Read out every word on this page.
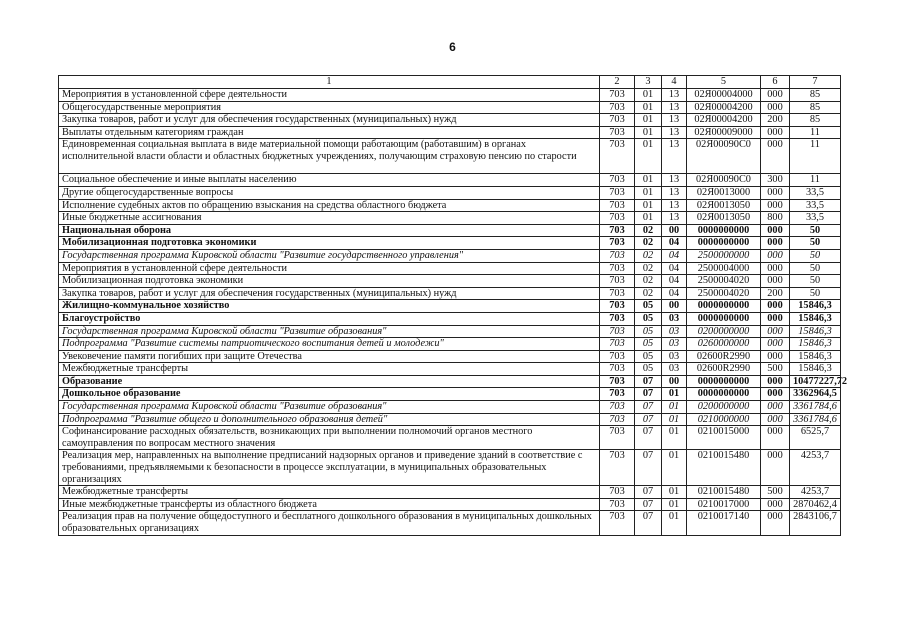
6
1	2	3	4	5	6	7
Мероприятия в установленной сфере деятельности	703	01	13	02Я00004000	000	85
Общегосударственные мероприятия	703	01	13	02Я00004200	000	85
Закупка товаров, работ и услуг для обеспечения государственных (муниципальных) нужд	703	01	13	02Я00004200	200	85
Выплаты отдельным категориям граждан	703	01	13	02Я00009000	000	11
Единовременная социальная выплата в виде материальной помощи работающим (работавшим) в органах исполнительной власти области и областных бюджетных учреждениях, получающим страховую пенсию по старости	703	01	13	02Я00090С0	000	11
Социальное обеспечение и иные выплаты населению	703	01	13	02Я00090С0	300	11
Другие общегосударственные вопросы	703	01	13	02Я0013000	000	33,5
Исполнение судебных актов по обращению взыскания на средства областного бюджета	703	01	13	02Я0013050	000	33,5
Иные бюджетные ассигнования	703	01	13	02Я0013050	800	33,5
Национальная оборона	703	02	00	0000000000	000	50
Мобилизационная подготовка экономики	703	02	04	0000000000	000	50
Государственная программа Кировской области "Развитие государственного управления"	703	02	04	2500000000	000	50
Мероприятия в установленной сфере деятельности	703	02	04	2500004000	000	50
Мобилизационная подготовка экономики	703	02	04	2500004020	000	50
Закупка товаров, работ и услуг для обеспечения государственных (муниципальных) нужд	703	02	04	2500004020	200	50
Жилищно-коммунальное хозяйство	703	05	00	0000000000	000	15846,3
Благоустройство	703	05	03	0000000000	000	15846,3
Государственная программа Кировской области "Развитие образования"	703	05	03	0200000000	000	15846,3
Подпрограмма "Развитие системы патриотического воспитания детей и молодежи"	703	05	03	0260000000	000	15846,3
Увековечение памяти погибших при защите Отечества	703	05	03	02600R2990	000	15846,3
Межбюджетные трансферты	703	05	03	02600R2990	500	15846,3
Образование	703	07	00	0000000000	000	10477227,72
Дошкольное образование	703	07	01	0000000000	000	3362964,5
Государственная программа Кировской области "Развитие образования"	703	07	01	0200000000	000	3361784,6
Подпрограмма "Развитие общего и дополнительного образования детей"	703	07	01	0210000000	000	3361784,6
Софинансирование расходных обязательств, возникающих при выполнении полномочий органов местного самоуправления по вопросам местного значения	703	07	01	0210015000	000	6525,7
Реализация мер, направленных на выполнение предписаний надзорных органов и приведение зданий в соответствие с требованиями, предъявляемыми к безопасности в процессе эксплуатации, в муниципальных образовательных организациях	703	07	01	0210015480	000	4253,7
Межбюджетные трансферты	703	07	01	0210015480	500	4253,7
Иные межбюджетные трансферты из областного бюджета	703	07	01	0210017000	000	2870462,4
Реализация прав на получение общедоступного и бесплатного дошкольного образования в муниципальных дошкольных образовательных организациях	703	07	01	0210017140	000	2843106,7
